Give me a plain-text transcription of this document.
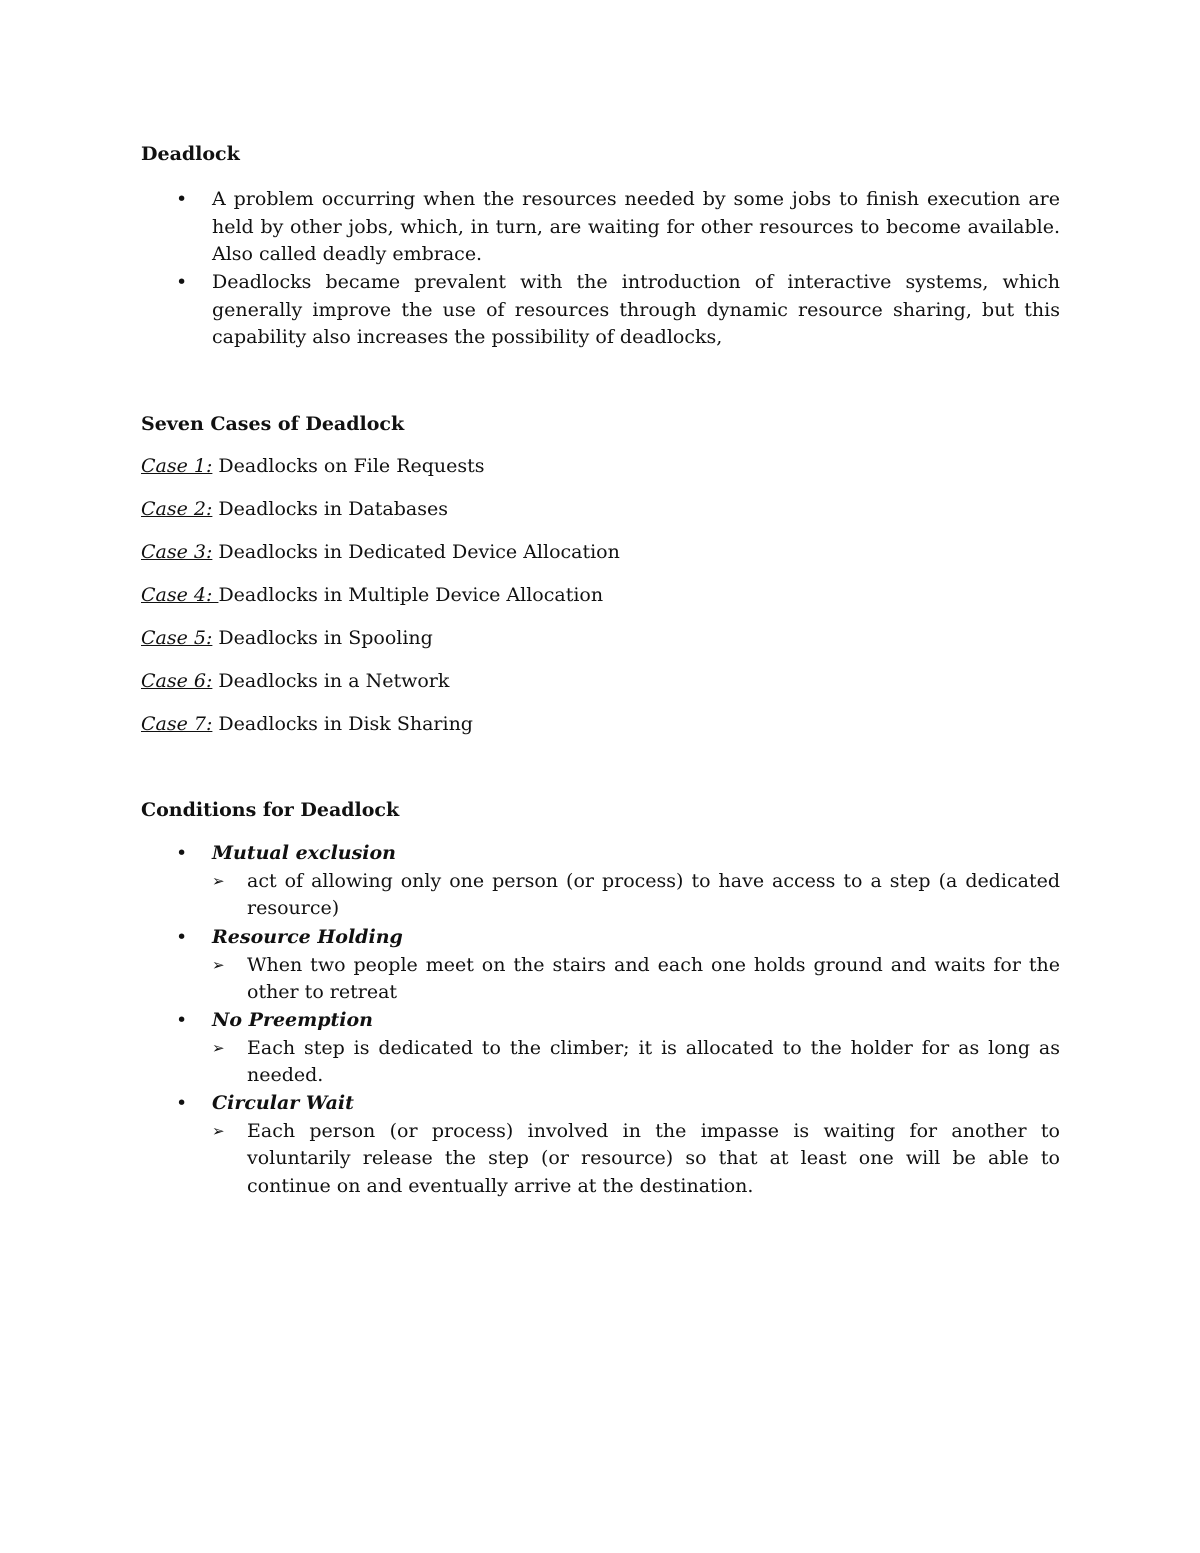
Deadlock
•	A problem occurring when the resources needed by some jobs to finish execution are held by other jobs, which, in turn, are waiting for other resources to become available. Also called deadly embrace.
•	Deadlocks became prevalent with the introduction of interactive systems, which generally improve the use of resources through dynamic resource sharing, but this capability also increases the possibility of deadlocks,
Seven Cases of Deadlock
Case 1: Deadlocks on File Requests
Case 2: Deadlocks in Databases
Case 3: Deadlocks in Dedicated Device Allocation
Case 4: Deadlocks in Multiple Device Allocation
Case 5: Deadlocks in Spooling
Case 6: Deadlocks in a Network
Case 7: Deadlocks in Disk Sharing
Conditions for Deadlock
•	Mutual exclusion
➢ act of allowing only one person (or process) to have access to a step (a dedicated resource)
•	Resource Holding
➢ When two people meet on the stairs and each one holds ground and waits for the other to retreat
•	No Preemption
➢ Each step is dedicated to the climber; it is allocated to the holder for as long as needed.
•	Circular Wait
➢ Each person (or process) involved in the impasse is waiting for another to voluntarily release the step (or resource) so that at least one will be able to continue on and eventually arrive at the destination.
